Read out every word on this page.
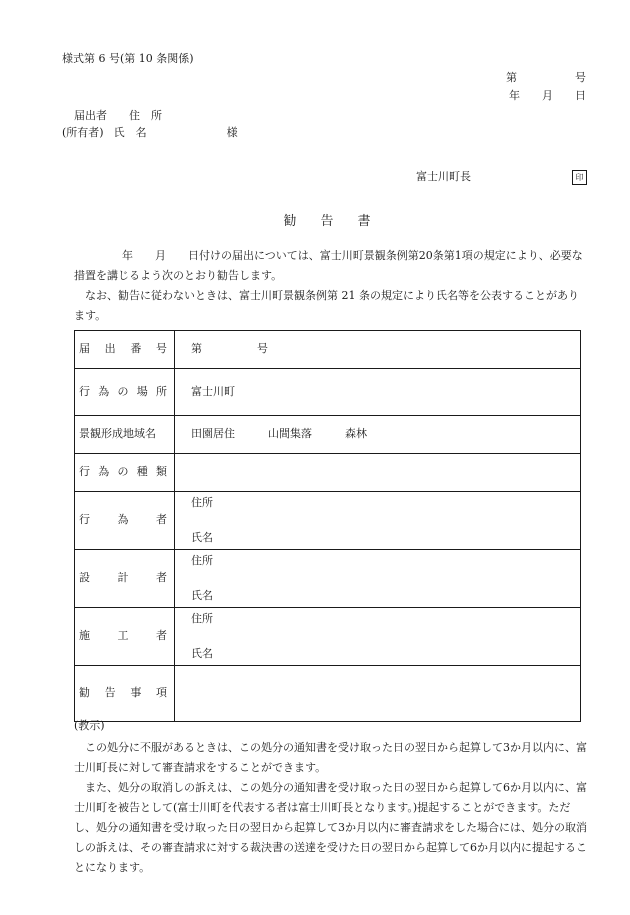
様式第 6 号(第 10 条関係)
第	号
年 月 日
届出者 住　所
(所有者) 氏　名	様
富士川町長	印
勧告書

年　　月　　日付けの届出については、富士川町景観条例第20条第1項の規定により、必要な措置を講じるよう次のとおり勧告します。

なお、勧告に従わないときは、富士川町景観条例第 21 条の規定により氏名等を公表することがあります。

届 出 番 号	第　　　　　号

行 為 の 場 所	富士川町
景観形成地域名	田園居住　　　山間集落　　　森林

行 為 の 種 類	

行 為 者	住所
氏名

設 計 者	住所
氏名

施 工 者	住所
氏名

勧 告 事 項	

(教示)

この処分に不服があるときは、この処分の通知書を受け取った日の翌日から起算して3か月以内に、富士川町長に対して審査請求をすることができます。

また、処分の取消しの訴えは、この処分の通知書を受け取った日の翌日から起算して6か月以内に、富士川町を被告として(富士川町を代表する者は富士川町長となります。)提起することができます。ただし、処分の通知書を受け取った日の翌日から起算して3か月以内に審査請求をした場合には、処分の取消しの訴えは、その審査請求に対する裁決書の送達を受けた日の翌日から起算して6か月以内に提起することになります。
